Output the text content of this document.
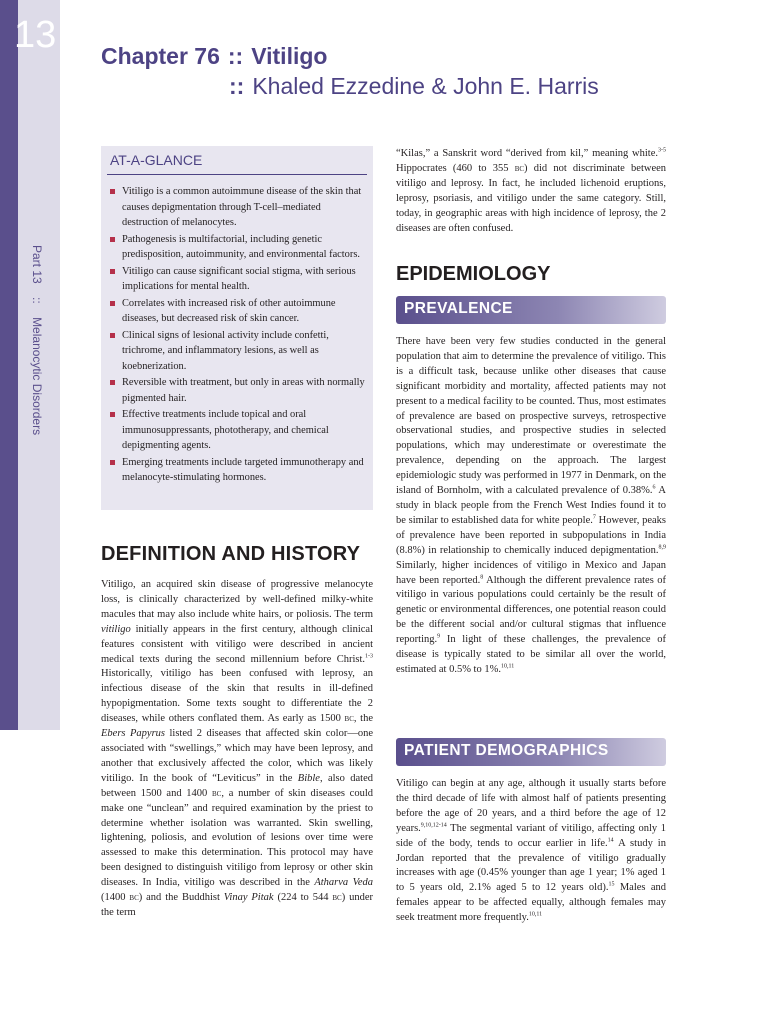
13
Part 13 :: Melanocytic Disorders
Chapter 76 :: Vitiligo
:: Khaled Ezzedine & John E. Harris
AT-A-GLANCE
Vitiligo is a common autoimmune disease of the skin that causes depigmentation through T-cell–mediated destruction of melanocytes.
Pathogenesis is multifactorial, including genetic predisposition, autoimmunity, and environmental factors.
Vitiligo can cause significant social stigma, with serious implications for mental health.
Correlates with increased risk of other autoimmune diseases, but decreased risk of skin cancer.
Clinical signs of lesional activity include confetti, trichrome, and inflammatory lesions, as well as koebnerization.
Reversible with treatment, but only in areas with normally pigmented hair.
Effective treatments include topical and oral immunosuppressants, phototherapy, and chemical depigmenting agents.
Emerging treatments include targeted immunotherapy and melanocyte-stimulating hormones.
DEFINITION AND HISTORY
Vitiligo, an acquired skin disease of progressive melanocyte loss, is clinically characterized by well-defined milky-white macules that may also include white hairs, or poliosis. The term vitiligo initially appears in the first century, although clinical features consistent with vitiligo were described in ancient medical texts during the second millennium before Christ.$^{1-3}$ Historically, vitiligo has been confused with leprosy, an infectious disease of the skin that results in ill-defined hypopigmentation. Some texts sought to differentiate the 2 diseases, while others conflated them. As early as 1500 bc, the Ebers Papyrus listed 2 diseases that affected skin color—one associated with “swellings,” which may have been leprosy, and another that exclusively affected the color, which was likely vitiligo. In the book of “Leviticus” in the Bible, also dated between 1500 and 1400 bc, a number of skin diseases could make one “unclean” and required examination by the priest to determine whether isolation was warranted. Skin swelling, lightening, poliosis, and evolution of lesions over time were assessed to make this determination. This protocol may have been designed to distinguish vitiligo from leprosy or other skin diseases. In India, vitiligo was described in the Atharva Veda (1400 bc) and the Buddhist Vinay Pitak (224 to 544 bc) under the term
“Kilas,” a Sanskrit word “derived from kil,” meaning white.$^{3-5}$ Hippocrates (460 to 355 bc) did not discriminate between vitiligo and leprosy. In fact, he included lichenoid eruptions, leprosy, psoriasis, and vitiligo under the same category. Still, today, in geographic areas with high incidence of leprosy, the 2 diseases are often confused.
EPIDEMIOLOGY
PREVALENCE
There have been very few studies conducted in the general population that aim to determine the prevalence of vitiligo. This is a difficult task, because unlike other diseases that cause significant morbidity and mortality, affected patients may not present to a medical facility to be counted. Thus, most estimates of prevalence are based on prospective surveys, retrospective observational studies, and prospective studies in selected populations, which may underestimate or overestimate the prevalence, depending on the approach. The largest epidemiologic study was performed in 1977 in Denmark, on the island of Bornholm, with a calculated prevalence of 0.38%.$^6$ A study in black people from the French West Indies found it to be similar to established data for white people.$^7$ However, peaks of prevalence have been reported in subpopulations in India (8.8%) in relationship to chemically induced depigmentation.$^{8,9}$ Similarly, higher incidences of vitiligo in Mexico and Japan have been reported.$^8$ Although the different prevalence rates of vitiligo in various populations could certainly be the result of genetic or environmental differences, one potential reason could be the different social and/or cultural stigmas that influence reporting.$^9$ In light of these challenges, the prevalence of disease is typically stated to be similar all over the world, estimated at 0.5% to 1%.$^{10,11}$
PATIENT DEMOGRAPHICS
Vitiligo can begin at any age, although it usually starts before the third decade of life with almost half of patients presenting before the age of 20 years, and a third before the age of 12 years.$^{9,10,12-14}$ The segmental variant of vitiligo, affecting only 1 side of the body, tends to occur earlier in life.$^{14}$ A study in Jordan reported that the prevalence of vitiligo gradually increases with age (0.45% younger than age 1 year; 1% aged 1 to 5 years old, 2.1% aged 5 to 12 years old).$^{15}$ Males and females appear to be affected equally, although females may seek treatment more frequently.$^{10,11}$
